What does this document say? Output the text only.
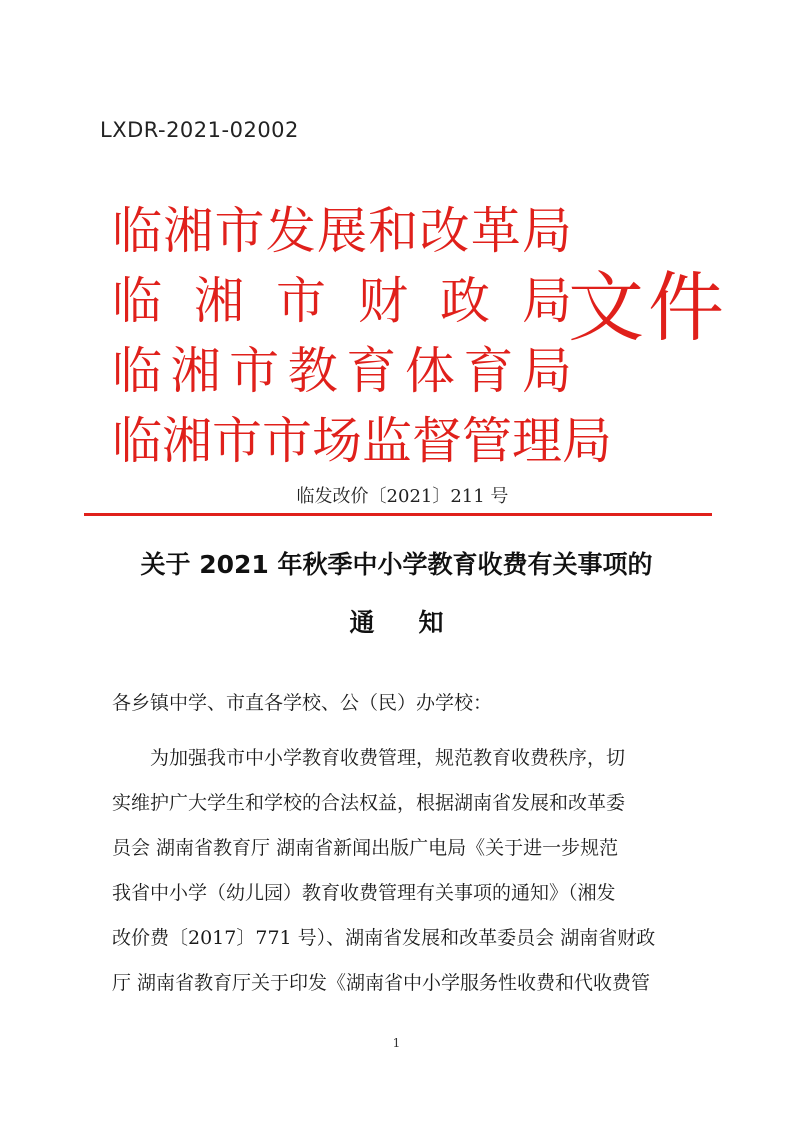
LXDR-2021-02002
临 湘 市 发 展 和 改 革 局
临 湘 市 财 政 局
临 湘 市 教 育 体 育 局
临 湘 市 市 场 监 督 管 理 局
文件
临发改价〔2021〕211 号
关于 2021 年秋季中小学教育收费有关事项的
通知
各乡镇中学、市直各学校、公（民）办学校：
为加强我市中小学教育收费管理，规范教育收费秩序，切
实维护广大学生和学校的合法权益，根据湖南省发展和改革委
员会 湖南省教育厅 湖南省新闻出版广电局《关于进一步规范
我省中小学（幼儿园）教育收费管理有关事项的通知》（湘发
改价费〔2017〕771 号）、湖南省发展和改革委员会 湖南省财政
厅 湖南省教育厅关于印发《湖南省中小学服务性收费和代收费管
1
